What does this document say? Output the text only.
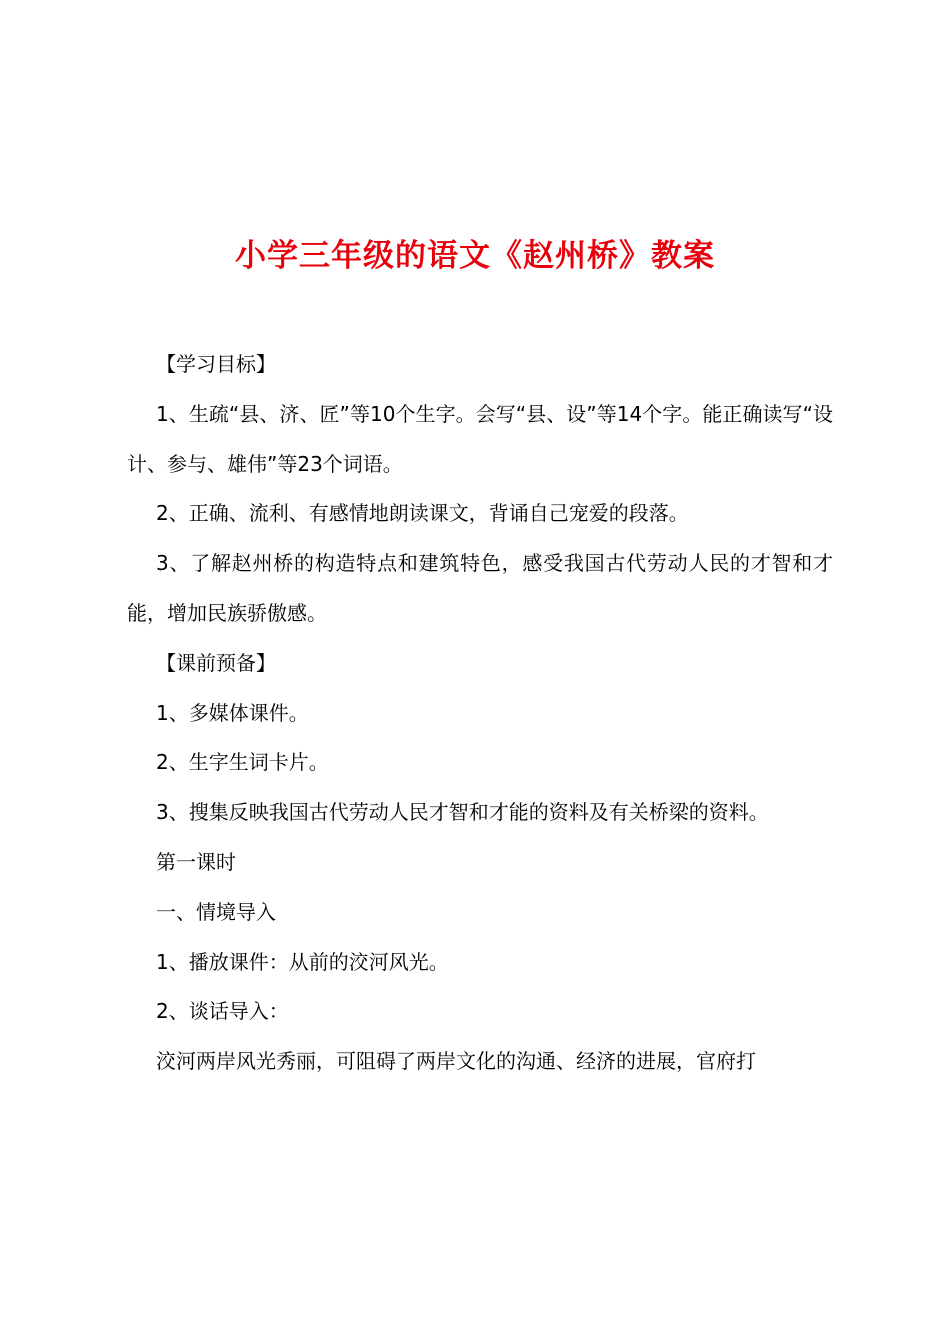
小学三年级的语文《赵州桥》教案

【学习目标】

1、生疏“县、济、匠”等10个生字。会写“县、设”等14个字。能正确读写“设计、参与、雄伟”等23个词语。

2、正确、流利、有感情地朗读课文，背诵自己宠爱的段落。

3、了解赵州桥的构造特点和建筑特色，感受我国古代劳动人民的才智和才能，增加民族骄傲感。

【课前预备】

1、多媒体课件。

2、生字生词卡片。

3、搜集反映我国古代劳动人民才智和才能的资料及有关桥梁的资料。

第一课时

一、情境导入

1、播放课件：从前的洨河风光。

2、谈话导入：

洨河两岸风光秀丽，可阻碍了两岸文化的沟通、经济的进展，官府打
